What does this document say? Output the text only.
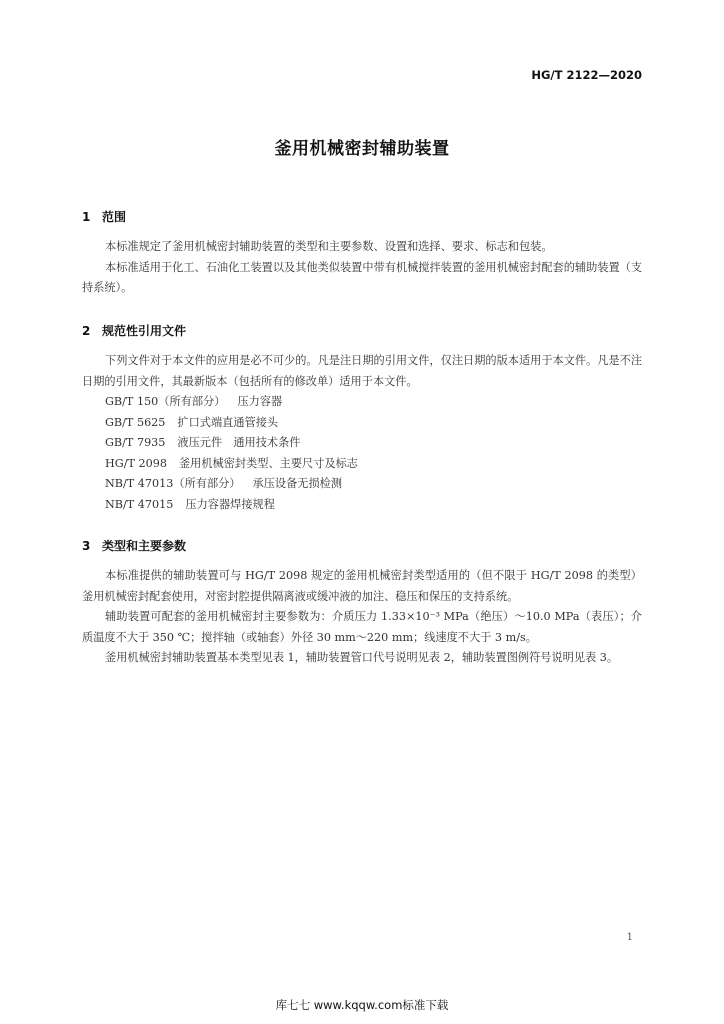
HG/T 2122—2020
釜用机械密封辅助装置
1 范围

本标准规定了釜用机械密封辅助装置的类型和主要参数、设置和选择、要求、标志和包装。

本标准适用于化工、石油化工装置以及其他类似装置中带有机械搅拌装置的釜用机械密封配套的辅助装置（支持系统）。

2 规范性引用文件

下列文件对于本文件的应用是必不可少的。凡是注日期的引用文件，仅注日期的版本适用于本文件。凡是不注日期的引用文件，其最新版本（包括所有的修改单）适用于本文件。

GB/T 150（所有部分） 压力容器
GB/T 5625 扩口式端直通管接头
GB/T 7935 液压元件　通用技术条件
HG/T 2098 釜用机械密封类型、主要尺寸及标志
NB/T 47013（所有部分） 承压设备无损检测
NB/T 47015 压力容器焊接规程
3 类型和主要参数

本标准提供的辅助装置可与 HG/T 2098 规定的釜用机械密封类型适用的（但不限于 HG/T 2098 的类型）釜用机械密封配套使用，对密封腔提供隔离液或缓冲液的加注、稳压和保压的支持系统。

辅助装置可配套的釜用机械密封主要参数为：介质压力 1.33×10⁻³ MPa（绝压）～10.0 MPa（表压）；介质温度不大于 350 ℃；搅拌轴（或轴套）外径 30 mm～220 mm；线速度不大于 3 m/s。

釜用机械密封辅助装置基本类型见表 1，辅助装置管口代号说明见表 2，辅助装置图例符号说明见表 3。

1
库七七 www.kqqw.com标准下载
